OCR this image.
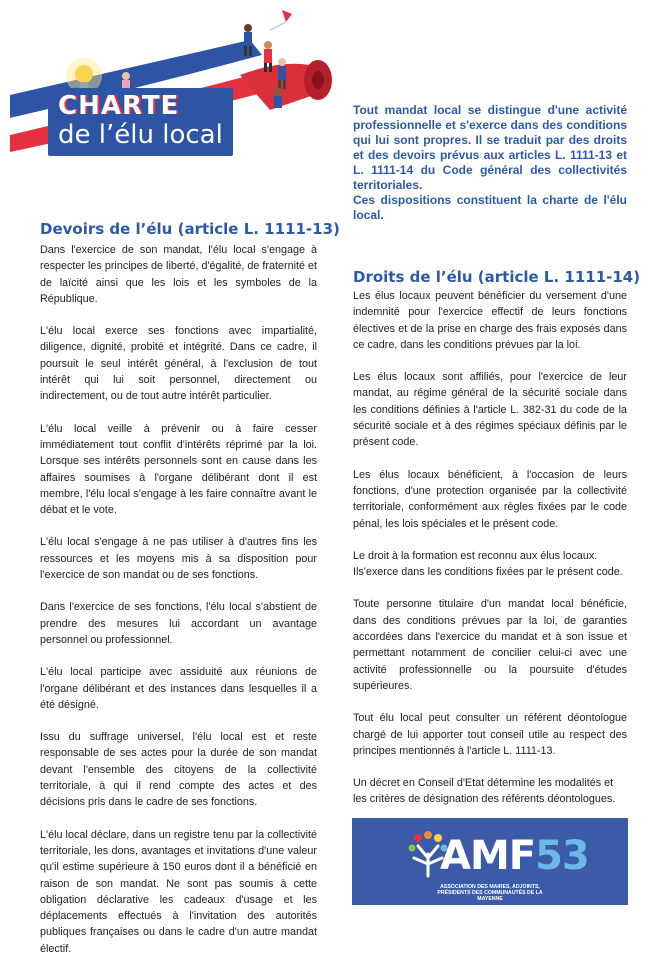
CHARTE
de l’élu local

Tout mandat local se distingue d'une activité professionnelle et s'exerce dans des conditions qui lui sont propres. Il se traduit par des droits et des devoirs prévus aux articles L. 1111-13 et L. 1111-14 du Code général des collectivités territoriales.

Ces dispositions constituent la charte de l'élu local.

Devoirs de l’élu (article L. 1111-13)

Dans l'exercice de son mandat, l'élu local s'engage à respecter les principes de liberté, d'égalité, de fraternité et de laïcité ainsi que les lois et les symboles de la République.

L'élu local exerce ses fonctions avec impartialité, diligence, dignité, probité et intégrité. Dans ce cadre, il poursuit le seul intérêt général, à l'exclusion de tout intérêt qui lui soit personnel, directement ou indirectement, ou de tout autre intérêt particulier.

L'élu local veille à prévenir ou à faire cesser immédiatement tout conflit d'intérêts réprimé par la loi. Lorsque ses intérêts personnels sont en cause dans les affaires soumises à l'organe délibérant dont il est membre, l'élu local s'engage à les faire connaître avant le débat et le vote.

L'élu local s'engage à ne pas utiliser à d'autres fins les ressources et les moyens mis à sa disposition pour l'exercice de son mandat ou de ses fonctions.

Dans l'exercice de ses fonctions, l'élu local s'abstient de prendre des mesures lui accordant un avantage personnel ou professionnel.

L'élu local participe avec assiduité aux réunions de l'organe délibérant et des instances dans lesquelles il a été désigné.

Issu du suffrage universel, l'élu local est et reste responsable de ses actes pour la durée de son mandat devant l'ensemble des citoyens de la collectivité territoriale, à qui il rend compte des actes et des décisions pris dans le cadre de ses fonctions.

L'élu local déclare, dans un registre tenu par la collectivité territoriale, les dons, avantages et invitations d'une valeur qu'il estime supérieure à 150 euros dont il a bénéficié en raison de son mandat. Ne sont pas soumis à cette obligation déclarative les cadeaux d'usage et les déplacements effectués à l'invitation des autorités publiques françaises ou dans le cadre d'un autre mandat électif.

Droits de l’élu (article L. 1111-14)

Les élus locaux peuvent bénéficier du versement d'une indemnité pour l'exercice effectif de leurs fonctions électives et de la prise en charge des frais exposés dans ce cadre, dans les conditions prévues par la loi.

Les élus locaux sont affiliés, pour l'exercice de leur mandat, au régime général de la sécurité sociale dans les conditions définies à l'article L. 382-31 du code de la sécurité sociale et à des régimes spéciaux définis par le présent code.

Les élus locaux bénéficient, à l'occasion de leurs fonctions, d'une protection organisée par la collectivité territoriale, conformément aux règles fixées par le code pénal, les lois spéciales et le présent code.

Le droit à la formation est reconnu aux élus locaux.
Ils'exerce dans les conditions fixées par le présent code.

Toute personne titulaire d'un mandat local bénéficie, dans des conditions prévues par la loi, de garanties accordées dans l'exercice du mandat et à son issue et permettant notamment de concilier celui-ci avec une activité professionnelle ou la poursuite d'études supérieures.

Tout élu local peut consulter un référent déontologue chargé de lui apporter tout conseil utile au respect des principes mentionnés à l'article L. 1111-13.

Un décret en Conseil d'Etat détermine les modalités et les critères de désignation des référents déontologues.

AMF53
ASSOCIATION DES MAIRES, ADJOINTS, PRÉSIDENTS DES COMMUNAUTÉS DE LA MAYENNE
